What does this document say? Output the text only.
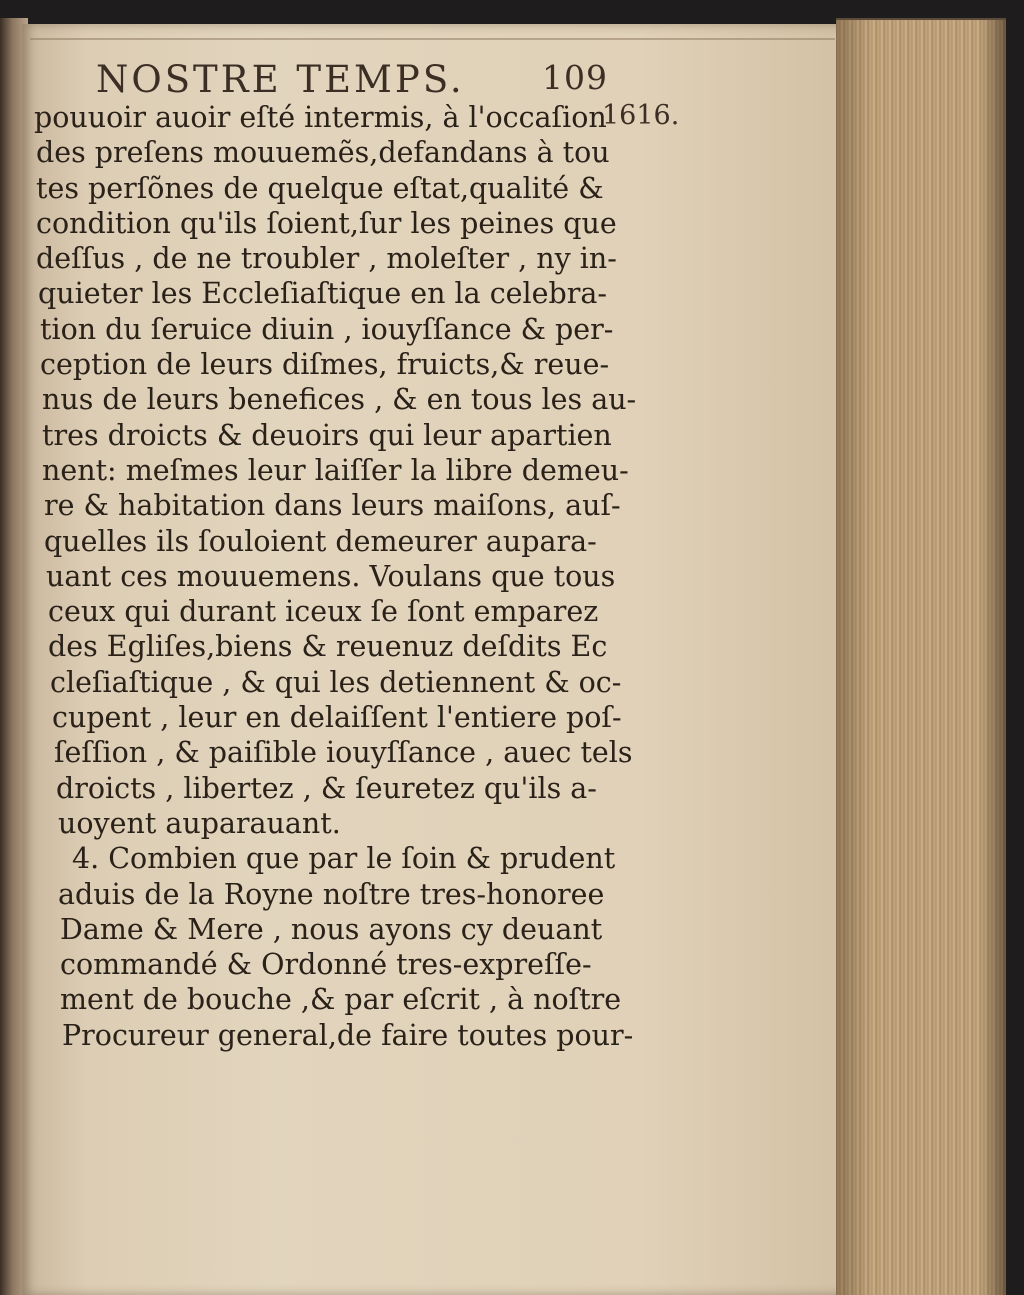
NOSTRE TEMPS. 109
1616.
pouuoir auoir eſté intermis, à l'occaſion
des preſens mouuemẽs,defandans à tou
tes perſõnes de quelque eſtat,qualité &
condition qu'ils ſoient,ſur les peines que
deſſus , de ne troubler , moleſter , ny in-
quieter les Eccleſiaſtique en la celebra-
tion du ſeruice diuin , iouyſſance & per-
ception de leurs diſmes, fruicts,& reue-
nus de leurs benefices , & en tous les au-
tres droicts & deuoirs qui leur apartien
nent: meſmes leur laiſſer la libre demeu-
re & habitation dans leurs maiſons, auſ-
quelles ils ſouloient demeurer aupara-
uant ces mouuemens. Voulans que tous
ceux qui durant iceux ſe ſont emparez
des Egliſes,biens & reuenuz deſdits Ec
cleſiaſtique , & qui les detiennent & oc-
cupent , leur en delaiſſent l'entiere poſ-
ſeſſion , & paiſible iouyſſance , auec tels
droicts , libertez , & ſeuretez qu'ils a-
uoyent auparauant.
4. Combien que par le ſoin & prudent
aduis de la Royne noſtre tres-honoree
Dame & Mere , nous ayons cy deuant
commandé & Ordonné tres-expreſſe-
ment de bouche ,& par eſcrit , à noſtre
Procureur general,de faire toutes pour-
